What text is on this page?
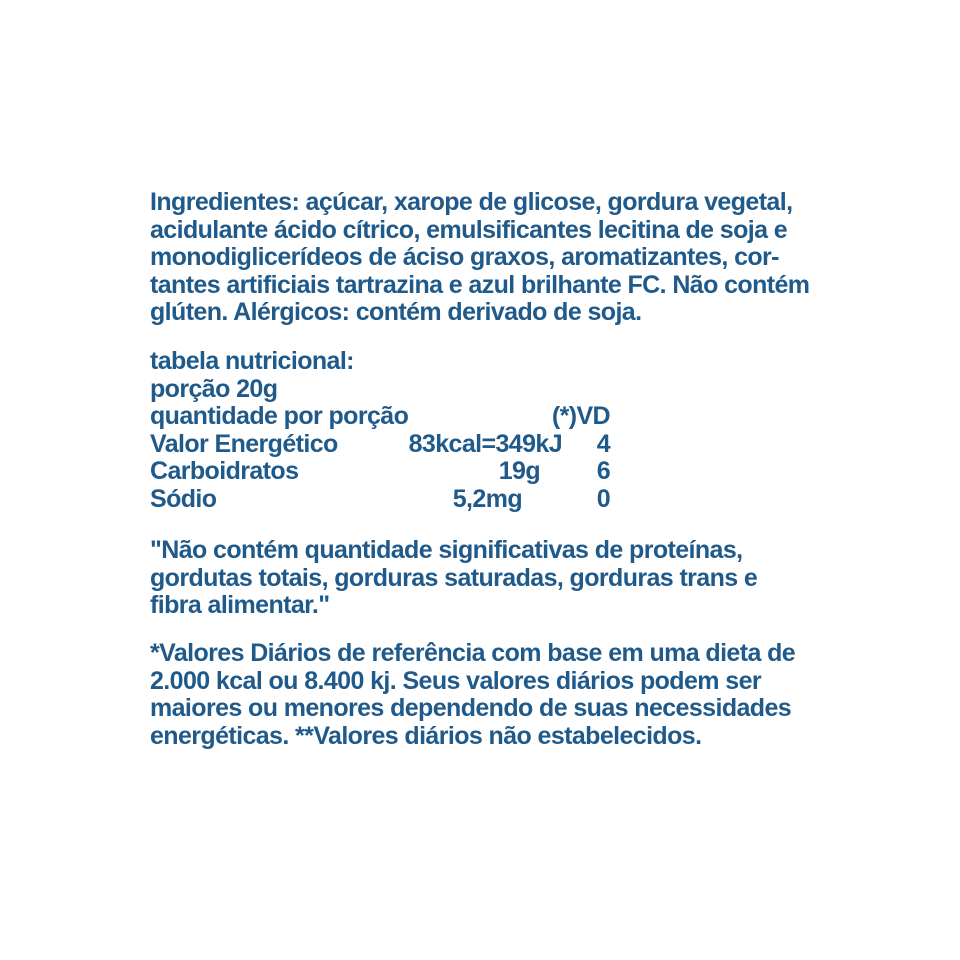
Ingredientes: açúcar, xarope de glicose, gordura vegetal,
acidulante ácido cítrico, emulsificantes lecitina de soja e
monodiglicerídeos de áciso graxos, aromatizantes, cor-
tantes artificiais tartrazina e azul brilhante FC. Não contém
glúten. Alérgicos: contém derivado de soja.
tabela nutricional:
porção 20g
quantidade por porção	(*)VD
Valor Energético	83kcal=349kJ 4
Carboidratos	19g 6
Sódio	5,2mg	0
"Não contém quantidade significativas de proteínas,
gordutas totais, gorduras saturadas, gorduras trans e
fibra alimentar."
*Valores Diários de referência com base em uma dieta de
2.000 kcal ou 8.400 kj. Seus valores diários podem ser
maiores ou menores dependendo de suas necessidades
energéticas. **Valores diários não estabelecidos.
